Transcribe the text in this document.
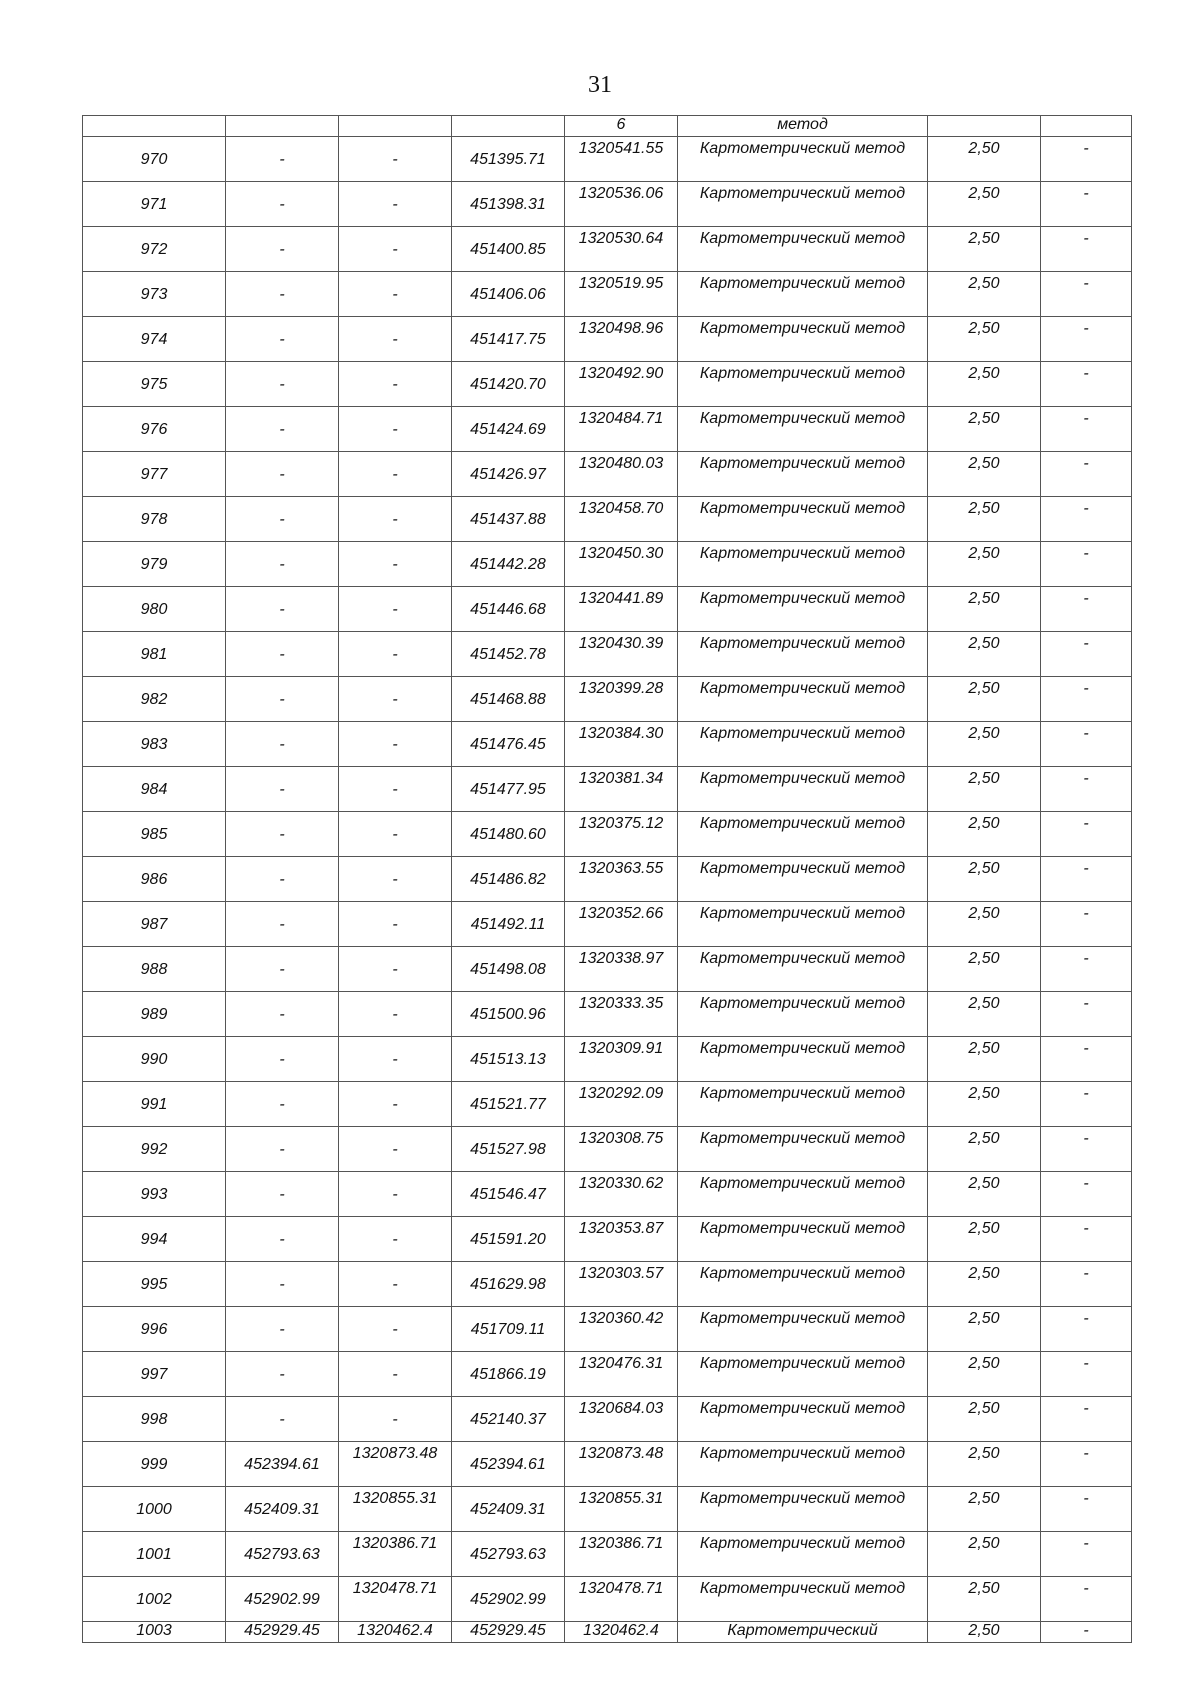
31
				6	метод		
970	-	-	451395.71	1320541.55	Картометрический метод	2,50	-
971	-	-	451398.31	1320536.06	Картометрический метод	2,50	-
972	-	-	451400.85	1320530.64	Картометрический метод	2,50	-
973	-	-	451406.06	1320519.95	Картометрический метод	2,50	-
974	-	-	451417.75	1320498.96	Картометрический метод	2,50	-
975	-	-	451420.70	1320492.90	Картометрический метод	2,50	-
976	-	-	451424.69	1320484.71	Картометрический метод	2,50	-
977	-	-	451426.97	1320480.03	Картометрический метод	2,50	-
978	-	-	451437.88	1320458.70	Картометрический метод	2,50	-
979	-	-	451442.28	1320450.30	Картометрический метод	2,50	-
980	-	-	451446.68	1320441.89	Картометрический метод	2,50	-
981	-	-	451452.78	1320430.39	Картометрический метод	2,50	-
982	-	-	451468.88	1320399.28	Картометрический метод	2,50	-
983	-	-	451476.45	1320384.30	Картометрический метод	2,50	-
984	-	-	451477.95	1320381.34	Картометрический метод	2,50	-
985	-	-	451480.60	1320375.12	Картометрический метод	2,50	-
986	-	-	451486.82	1320363.55	Картометрический метод	2,50	-
987	-	-	451492.11	1320352.66	Картометрический метод	2,50	-
988	-	-	451498.08	1320338.97	Картометрический метод	2,50	-
989	-	-	451500.96	1320333.35	Картометрический метод	2,50	-
990	-	-	451513.13	1320309.91	Картометрический метод	2,50	-
991	-	-	451521.77	1320292.09	Картометрический метод	2,50	-
992	-	-	451527.98	1320308.75	Картометрический метод	2,50	-
993	-	-	451546.47	1320330.62	Картометрический метод	2,50	-
994	-	-	451591.20	1320353.87	Картометрический метод	2,50	-
995	-	-	451629.98	1320303.57	Картометрический метод	2,50	-
996	-	-	451709.11	1320360.42	Картометрический метод	2,50	-
997	-	-	451866.19	1320476.31	Картометрический метод	2,50	-
998	-	-	452140.37	1320684.03	Картометрический метод	2,50	-
999	452394.61	1320873.48	452394.61	1320873.48	Картометрический метод	2,50	-
1000	452409.31	1320855.31	452409.31	1320855.31	Картометрический метод	2,50	-
1001	452793.63	1320386.71	452793.63	1320386.71	Картометрический метод	2,50	-
1002	452902.99	1320478.71	452902.99	1320478.71	Картометрический метод	2,50	-
1003	452929.45	1320462.4	452929.45	1320462.4	Картометрический	2,50	-
